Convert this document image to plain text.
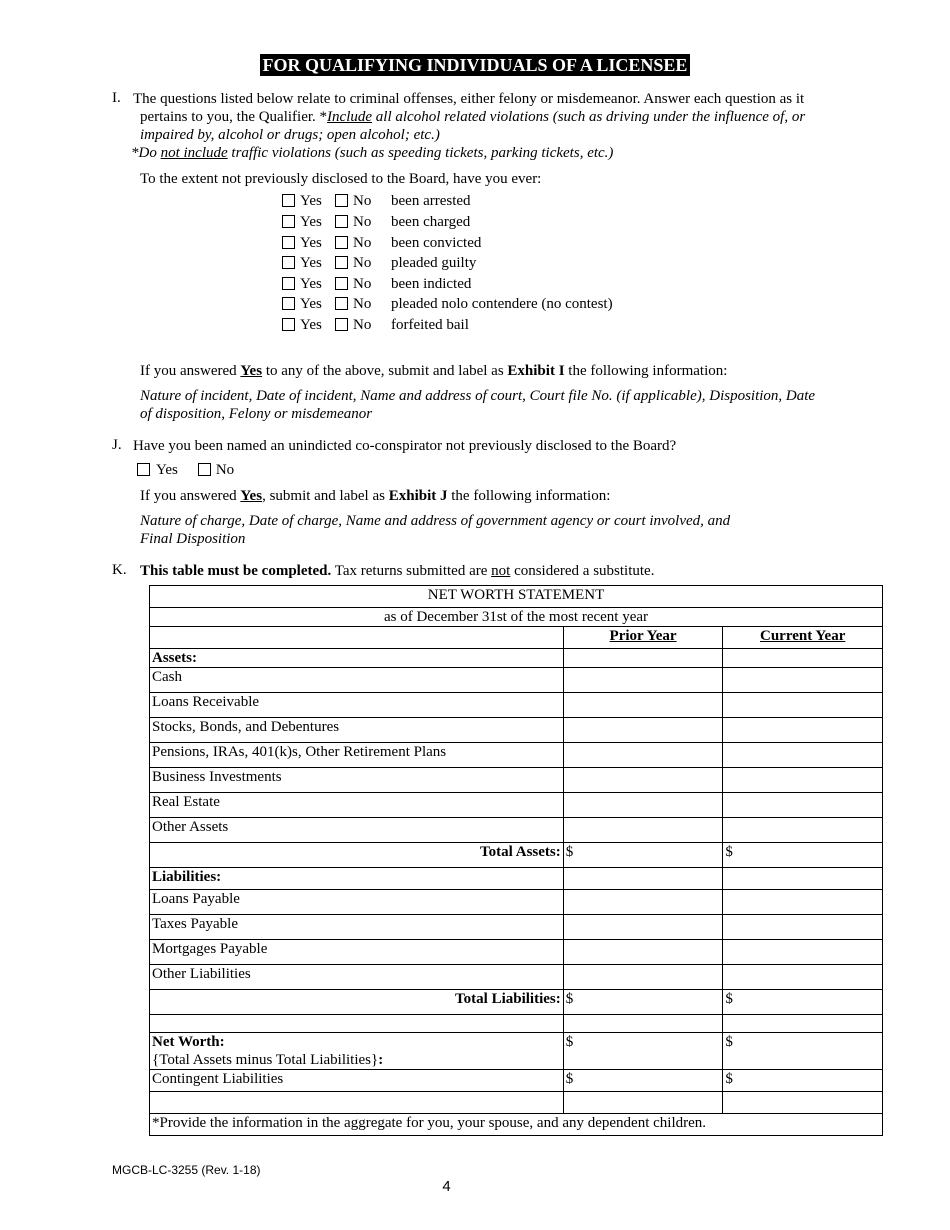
FOR QUALIFYING INDIVIDUALS OF A LICENSEE
I. The questions listed below relate to criminal offenses, either felony or misdemeanor. Answer each question as it
pertains to you, the Qualifier. *Include all alcohol related violations (such as driving under the influence of, or
impaired by, alcohol or drugs; open alcohol; etc.)
*Do not include traffic violations (such as speeding tickets, parking tickets, etc.)
To the extent not previously disclosed to the Board, have you ever:
Yes No been arrested
Yes No been charged
Yes No been convicted
Yes No pleaded guilty
Yes No been indicted
Yes No pleaded nolo contendere (no contest)
Yes No forfeited bail
If you answered Yes to any of the above, submit and label as Exhibit I the following information:
Nature of incident, Date of incident, Name and address of court, Court file No. (if applicable), Disposition, Date
of disposition, Felony or misdemeanor
J. Have you been named an unindicted co-conspirator not previously disclosed to the Board?
Yes	No
If you answered Yes, submit and label as Exhibit J the following information:
Nature of charge, Date of charge, Name and address of government agency or court involved, and
Final Disposition
K. This table must be completed. Tax returns submitted are not considered a substitute.
NET WORTH STATEMENT		
as of December 31st of the most recent year		
	Prior Year	Current Year
Assets:		
Cash		
Loans Receivable		
Stocks, Bonds, and Debentures		
Pensions, IRAs, 401(k)s, Other Retirement Plans		
Business Investments		
Real Estate		
Other Assets		
Total Assets:	$	$
Liabilities:		
Loans Payable		
Taxes Payable		
Mortgages Payable		
Other Liabilities		
Total Liabilities:	$	$

Net Worth:
{Total Assets minus Total Liabilities}:	$	$
Contingent Liabilities	$	$

*Provide the information in the aggregate for you, your spouse, and any dependent children.		
MGCB-LC-3255 (Rev. 1-18)
4
